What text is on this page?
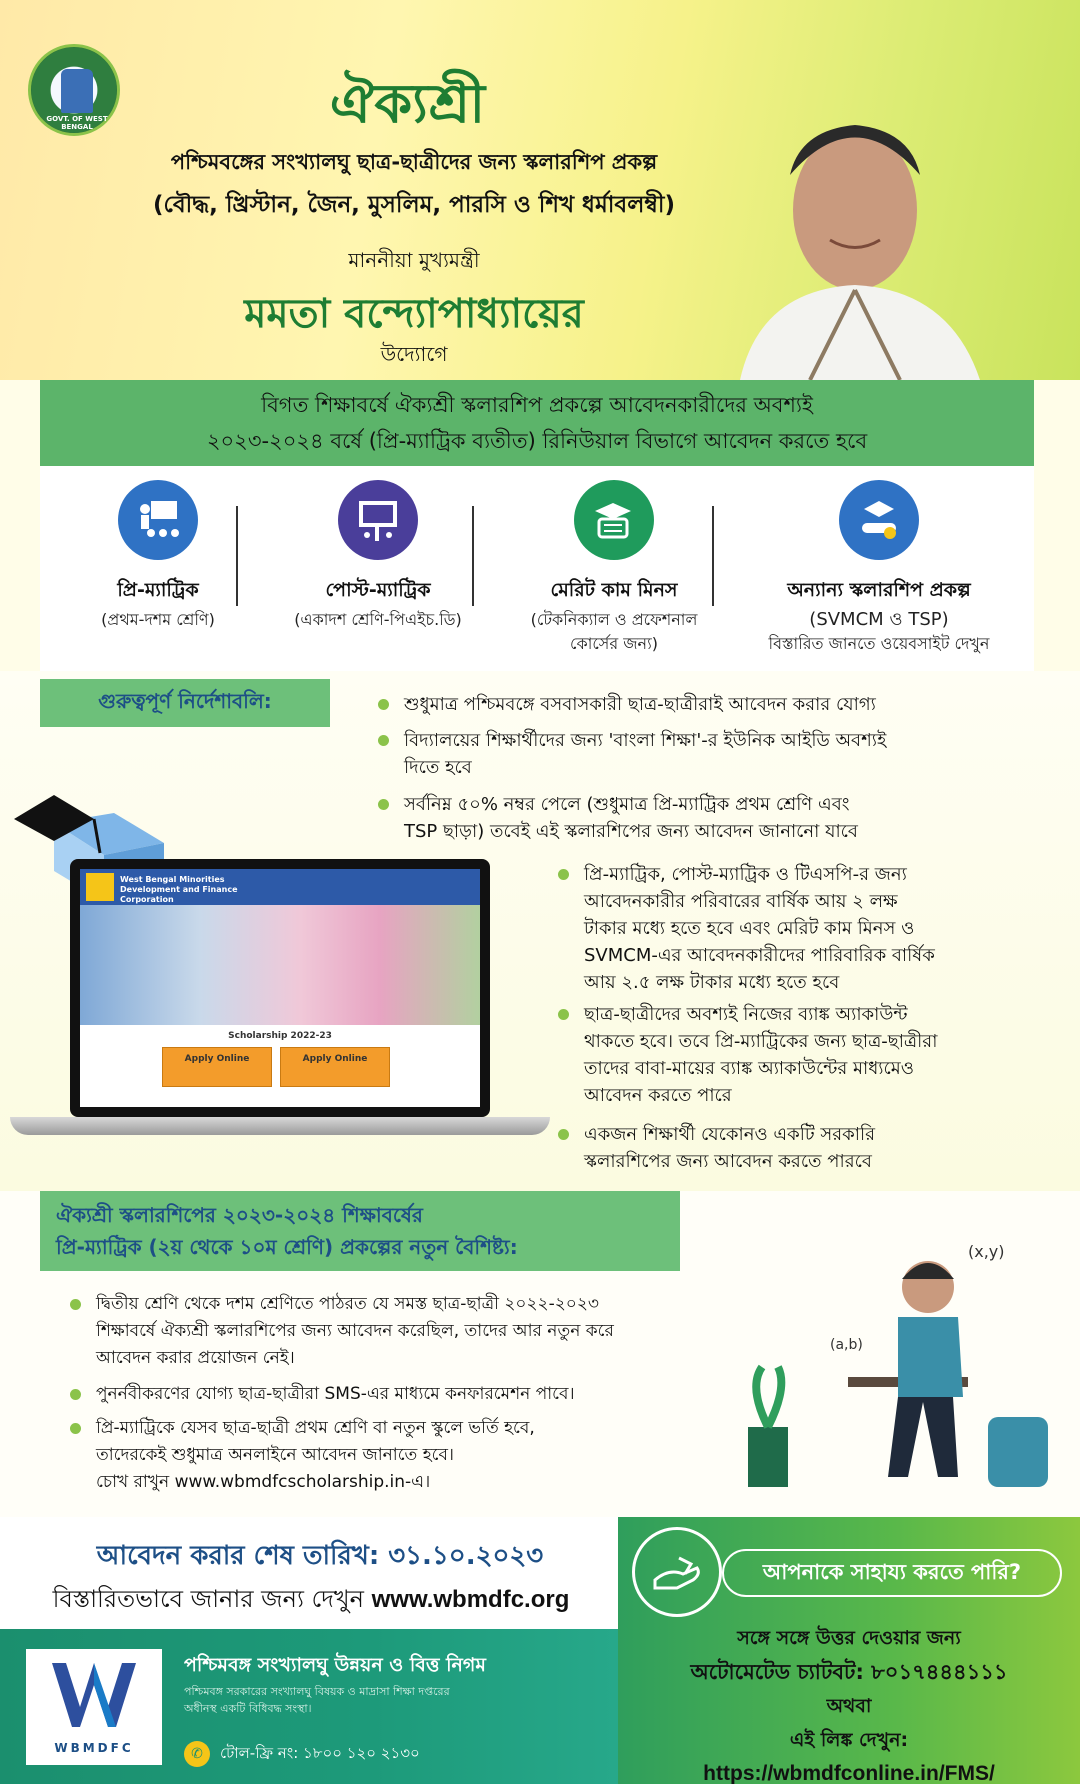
GOVT. OF WEST BENGAL	ঐক্যশ্রী
পশ্চিমবঙ্গের সংখ্যালঘু ছাত্র-ছাত্রীদের জন্য স্কলারশিপ প্রকল্প
(বৌদ্ধ, খ্রিস্টান, জৈন, মুসলিম, পারসি ও শিখ ধর্মাবলম্বী)
মাননীয়া মুখ্যমন্ত্রী
মমতা বন্দ্যোপাধ্যায়ের
উদ্যোগে
বিগত শিক্ষাবর্ষে ঐক্যশ্রী স্কলারশিপ প্রকল্পে আবেদনকারীদের অবশ্যই
২০২৩-২০২৪ বর্ষে (প্রি-ম্যাট্রিক ব্যতীত) রিনিউয়াল বিভাগে আবেদন করতে হবে
প্রি-ম্যাট্রিক
(প্রথম-দশম শ্রেণি)
পোস্ট-ম্যাট্রিক
(একাদশ শ্রেণি-পিএইচ.ডি)
মেরিট কাম মিনস
(টেকনিক্যাল ও প্রফেশনাল
কোর্সের জন্য)
অন্যান্য স্কলারশিপ প্রকল্প
(SVMCM ও TSP)
বিস্তারিত জানতে ওয়েবসাইট দেখুন
গুরুত্বপূর্ণ নির্দেশাবলি:	শুধুমাত্র পশ্চিমবঙ্গে বসবাসকারী ছাত্র-ছাত্রীরাই আবেদন করার যোগ্য
বিদ্যালয়ের শিক্ষার্থীদের জন্য 'বাংলা শিক্ষা'-র ইউনিক আইডি অবশ্যই
দিতে হবে
সর্বনিম্ন ৫০% নম্বর পেলে (শুধুমাত্র প্রি-ম্যাট্রিক প্রথম শ্রেণি এবং
TSP ছাড়া) তবেই এই স্কলারশিপের জন্য আবেদন জানানো যাবে
প্রি-ম্যাট্রিক, পোস্ট-ম্যাট্রিক ও টিএসপি-র জন্য
আবেদনকারীর পরিবারের বার্ষিক আয় ২ লক্ষ
টাকার মধ্যে হতে হবে এবং মেরিট কাম মিনস ও
SVMCM-এর আবেদনকারীদের পারিবারিক বার্ষিক
আয় ২.৫ লক্ষ টাকার মধ্যে হতে হবে
ছাত্র-ছাত্রীদের অবশ্যই নিজের ব্যাঙ্ক অ্যাকাউন্ট
থাকতে হবে। তবে প্রি-ম্যাট্রিকের জন্য ছাত্র-ছাত্রীরা
তাদের বাবা-মায়ের ব্যাঙ্ক অ্যাকাউন্টের মাধ্যমেও
আবেদন করতে পারে
একজন শিক্ষার্থী যেকোনও একটি সরকারি
স্কলারশিপের জন্য আবেদন করতে পারবে
West Bengal Minorities
Development and Finance
Corporation
Scholarship 2022-23
Apply Online	Apply Online
ঐক্যশ্রী স্কলারশিপের ২০২৩-২০২৪ শিক্ষাবর্ষের
প্রি-ম্যাট্রিক (২য় থেকে ১০ম শ্রেণি) প্রকল্পের নতুন বৈশিষ্ট্য:
দ্বিতীয় শ্রেণি থেকে দশম শ্রেণিতে পাঠরত যে সমস্ত ছাত্র-ছাত্রী ২০২২-২০২৩
শিক্ষাবর্ষে ঐক্যশ্রী স্কলারশিপের জন্য আবেদন করেছিল, তাদের আর নতুন করে
আবেদন করার প্রয়োজন নেই।
পুনর্নবীকরণের যোগ্য ছাত্র-ছাত্রীরা SMS-এর মাধ্যমে কনফারমেশন পাবে।
প্রি-ম্যাট্রিকে যেসব ছাত্র-ছাত্রী প্রথম শ্রেণি বা নতুন স্কুলে ভর্তি হবে,
তাদেরকেই শুধুমাত্র অনলাইনে আবেদন জানাতে হবে।
চোখ রাখুন www.wbmdfcscholarship.in-এ।
(x,y)
(a,b)
আবেদন করার শেষ তারিখ: ৩১.১০.২০২৩
বিস্তারিতভাবে জানার জন্য দেখুন www.wbmdfc.org
WBMDFC
পশ্চিমবঙ্গ সংখ্যালঘু উন্নয়ন ও বিত্ত নিগম
পশ্চিমবঙ্গ সরকারের সংখ্যালঘু বিষয়ক ও মাদ্রাসা শিক্ষা দপ্তরের
অধীনস্থ একটি বিধিবদ্ধ সংস্থা।
✆	টোল-ফ্রি নং: ১৮০০ ১২০ ২১৩০
আপনাকে সাহায্য করতে পারি?
সঙ্গে সঙ্গে উত্তর দেওয়ার জন্য
অটোমেটেড চ্যাটবট: ৮০১৭৪৪৪১১১
অথবা
এই লিঙ্ক দেখুন:
https://wbmdfconline.in/FMS/
